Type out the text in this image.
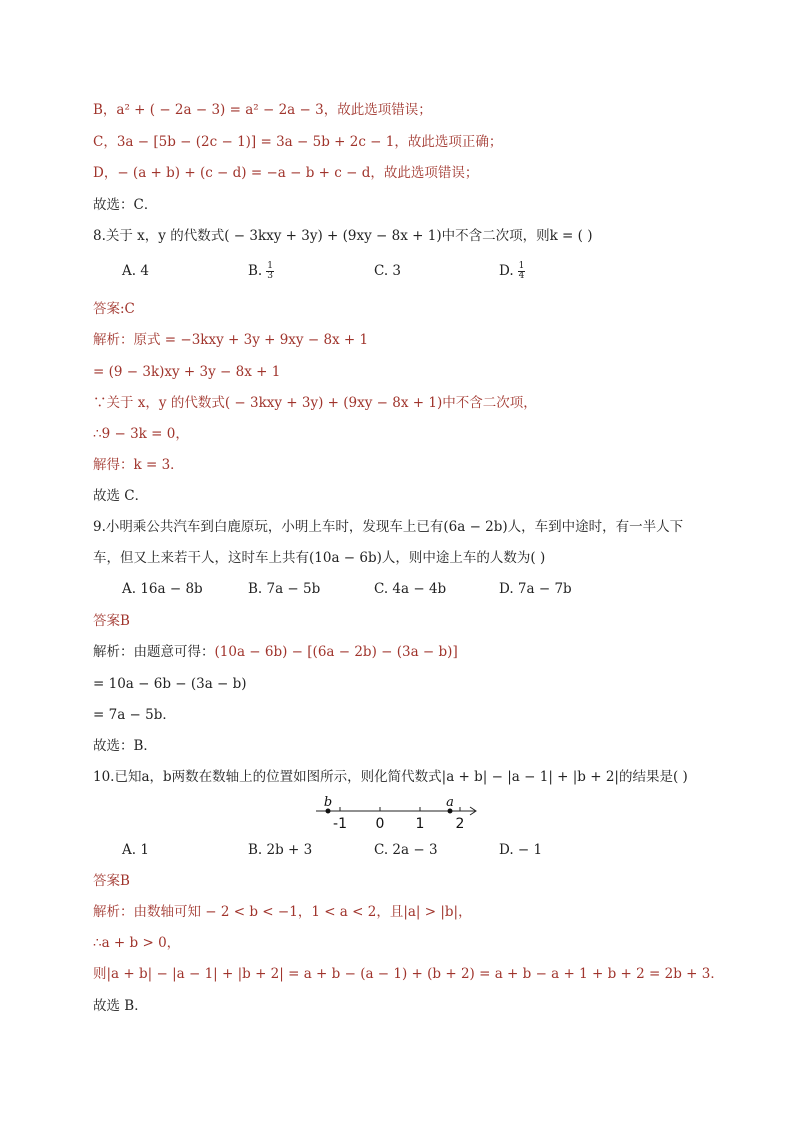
B，a² + ( − 2a − 3) = a² − 2a − 3，故此选项错误；
C，3a − [5b − (2c − 1)] = 3a − 5b + 2c − 1，故此选项正确；
D，− (a + b) + (c − d) = −a − b + c − d，故此选项错误；
故选：C．
8.关于 x，y 的代数式( − 3kxy + 3y) + (9xy − 8x + 1)中不含二次项，则k = ( )
A. 4	B. $\frac{1}{3}$	C. 3	D. $\frac{1}{4}$
答案:C
解析：原式 = −3kxy + 3y + 9xy − 8x + 1
= (9 − 3k)xy + 3y − 8x + 1
∵关于 x，y 的代数式( − 3kxy + 3y) + (9xy − 8x + 1)中不含二次项，
∴9 − 3k = 0，
解得：k = 3．
故选 C．
9.小明乘公共汽车到白鹿原玩，小明上车时，发现车上已有(6a − 2b)人，车到中途时，有一半人下
车，但又上来若干人，这时车上共有(10a − 6b)人，则中途上车的人数为( )
A. 16a − 8b	B. 7a − 5b	C. 4a − 4b	D. 7a − 7b
答案B
解析：由题意可得：(10a − 6b) − [(6a − 2b) − (3a − b)]
= 10a − 6b − (3a − b)
= 7a − 5b．
故选：B．
10.已知a，b两数在数轴上的位置如图所示，则化简代数式|a + b| − |a − 1| + |b + 2|的结果是( )
-1 0 1 2
b	a
A. 1	B. 2b + 3	C. 2a − 3	D. − 1
答案B
解析：由数轴可知 − 2 < b < −1，1 < a < 2，且|a| > |b|，
∴a + b > 0，
则|a + b| − |a − 1| + |b + 2| = a + b − (a − 1) + (b + 2) = a + b − a + 1 + b + 2 = 2b + 3．
故选 B．
